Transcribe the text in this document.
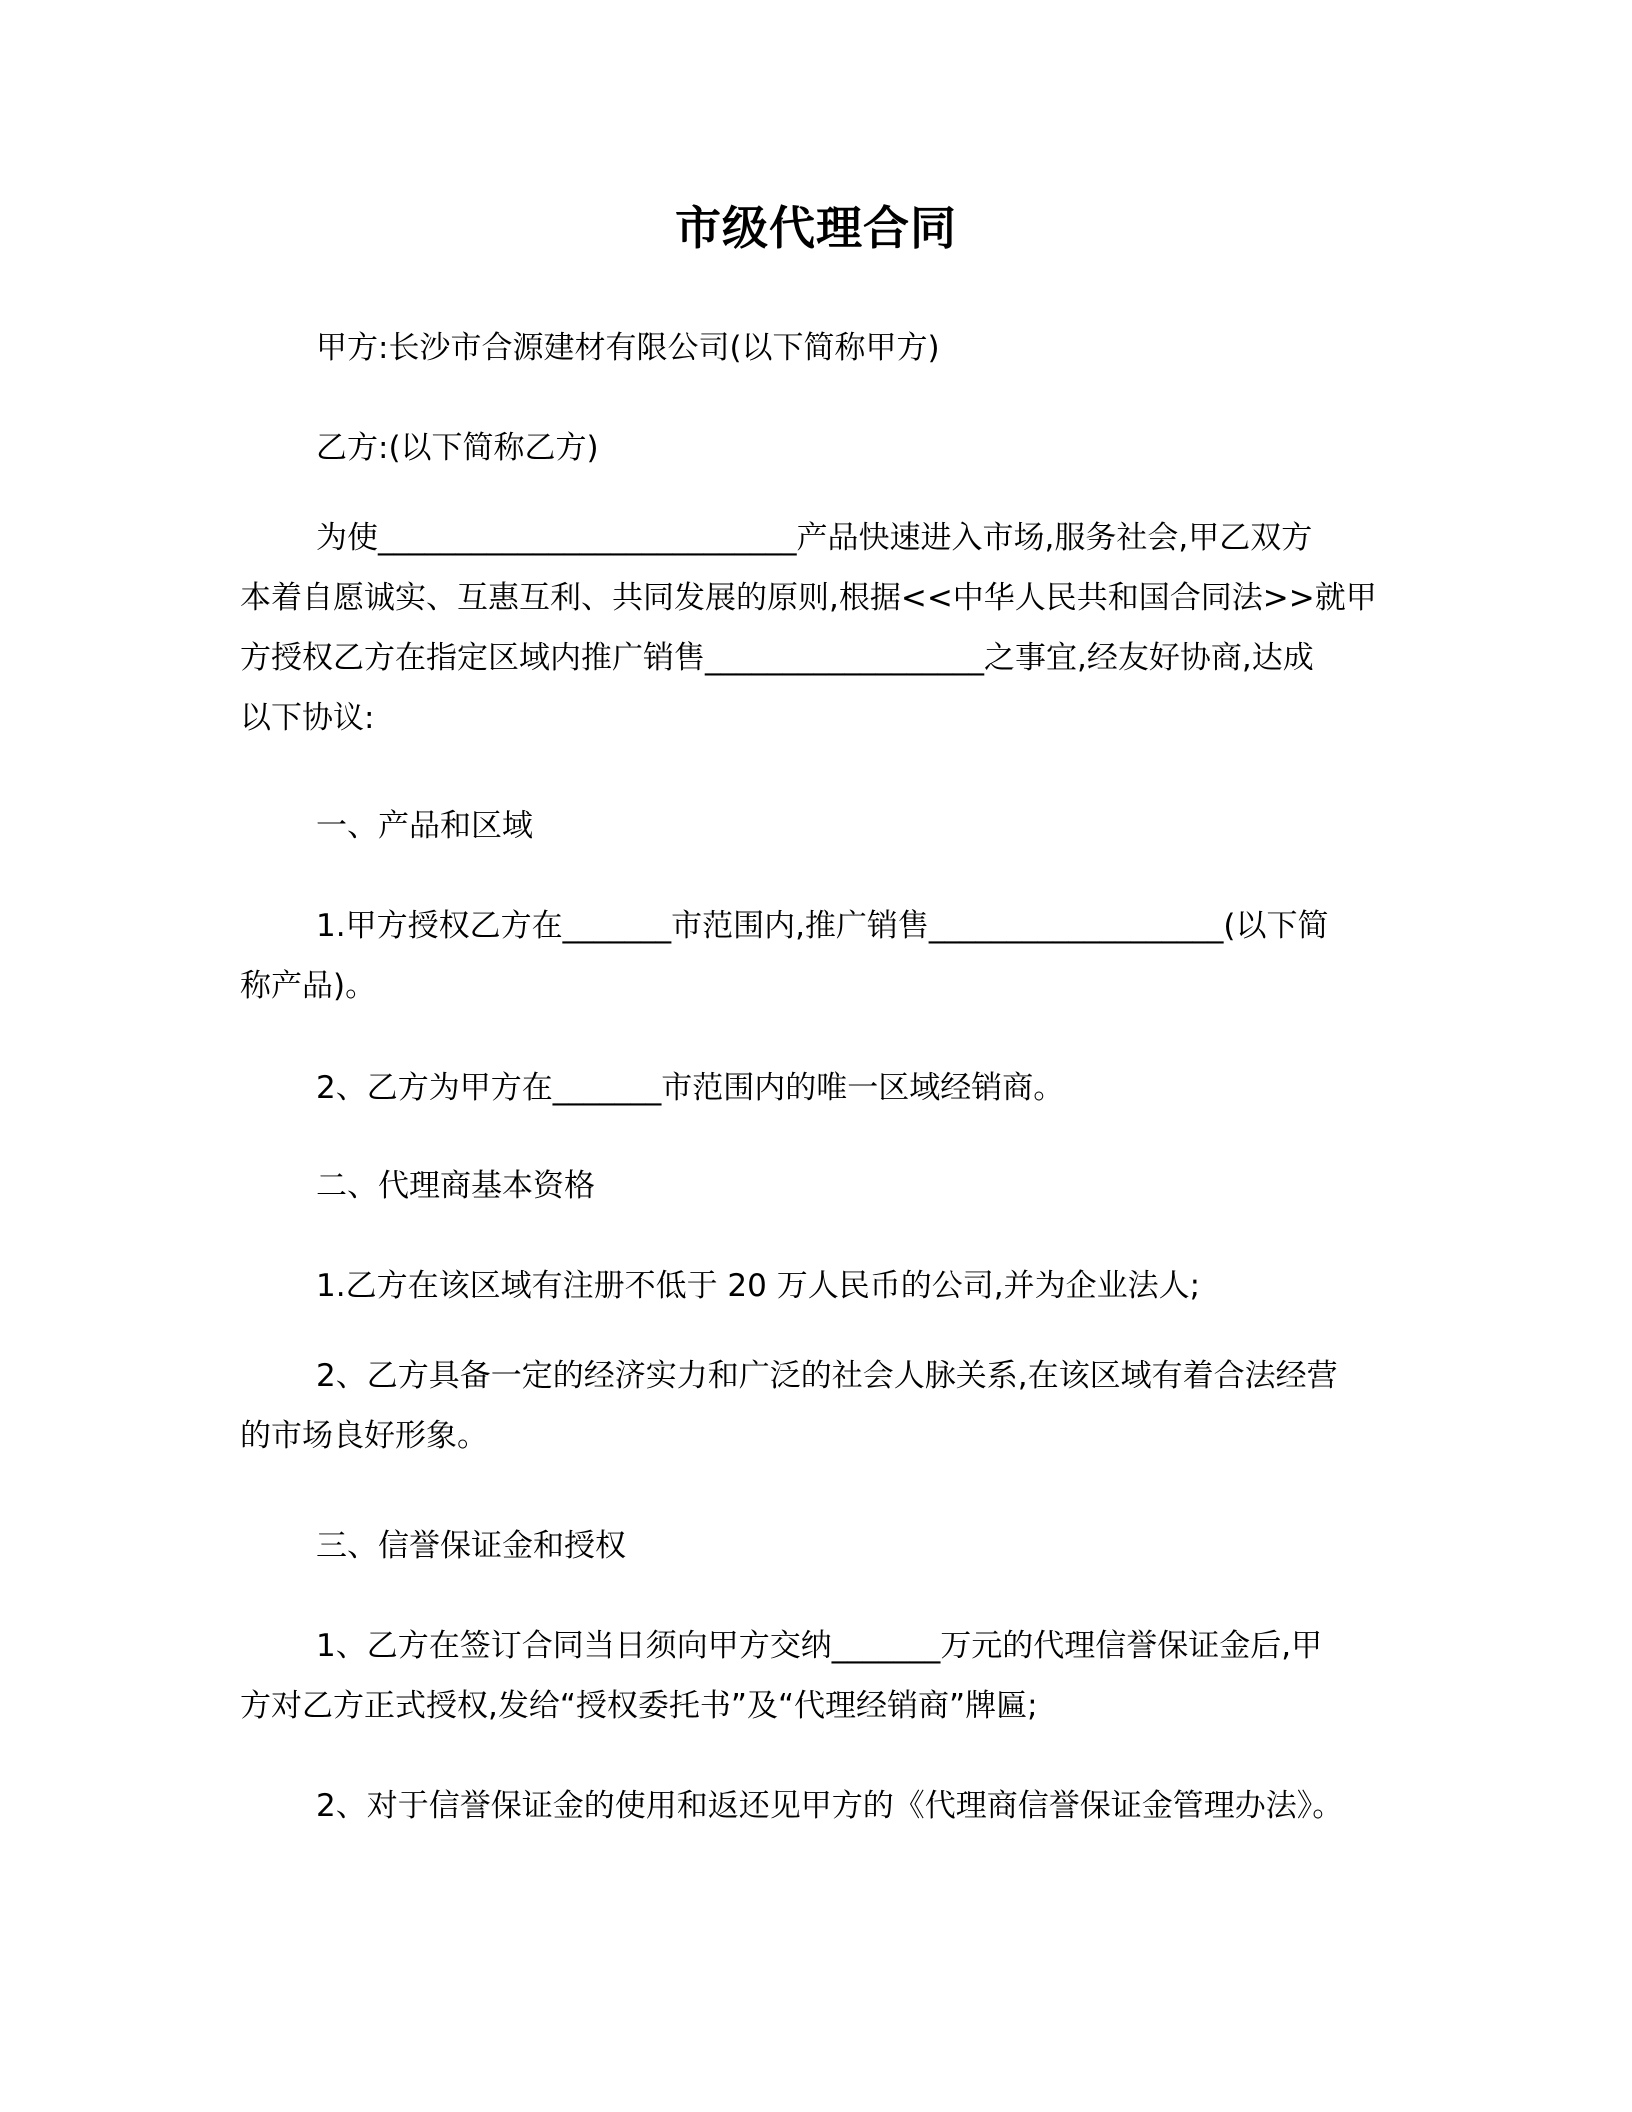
市级代理合同

甲方:长沙市合源建材有限公司(以下简称甲方)

乙方:(以下简称乙方)

为使___________________________产品快速进入市场,服务社会,甲乙双方
本着自愿诚实、互惠互利、共同发展的原则,根据<<中华人民共和国合同法>>就甲
方授权乙方在指定区域内推广销售__________________之事宜,经友好协商,达成
以下协议:

一、产品和区域

1.甲方授权乙方在_______市范围内,推广销售___________________(以下简
称产品)。

2、乙方为甲方在_______市范围内的唯一区域经销商。

二、代理商基本资格

1.乙方在该区域有注册不低于 20 万人民币的公司,并为企业法人;

2、乙方具备一定的经济实力和广泛的社会人脉关系,在该区域有着合法经营
的市场良好形象。

三、信誉保证金和授权

1、乙方在签订合同当日须向甲方交纳_______万元的代理信誉保证金后,甲
方对乙方正式授权,发给“授权委托书”及“代理经销商”牌匾;

2、对于信誉保证金的使用和返还见甲方的《代理商信誉保证金管理办法》。
